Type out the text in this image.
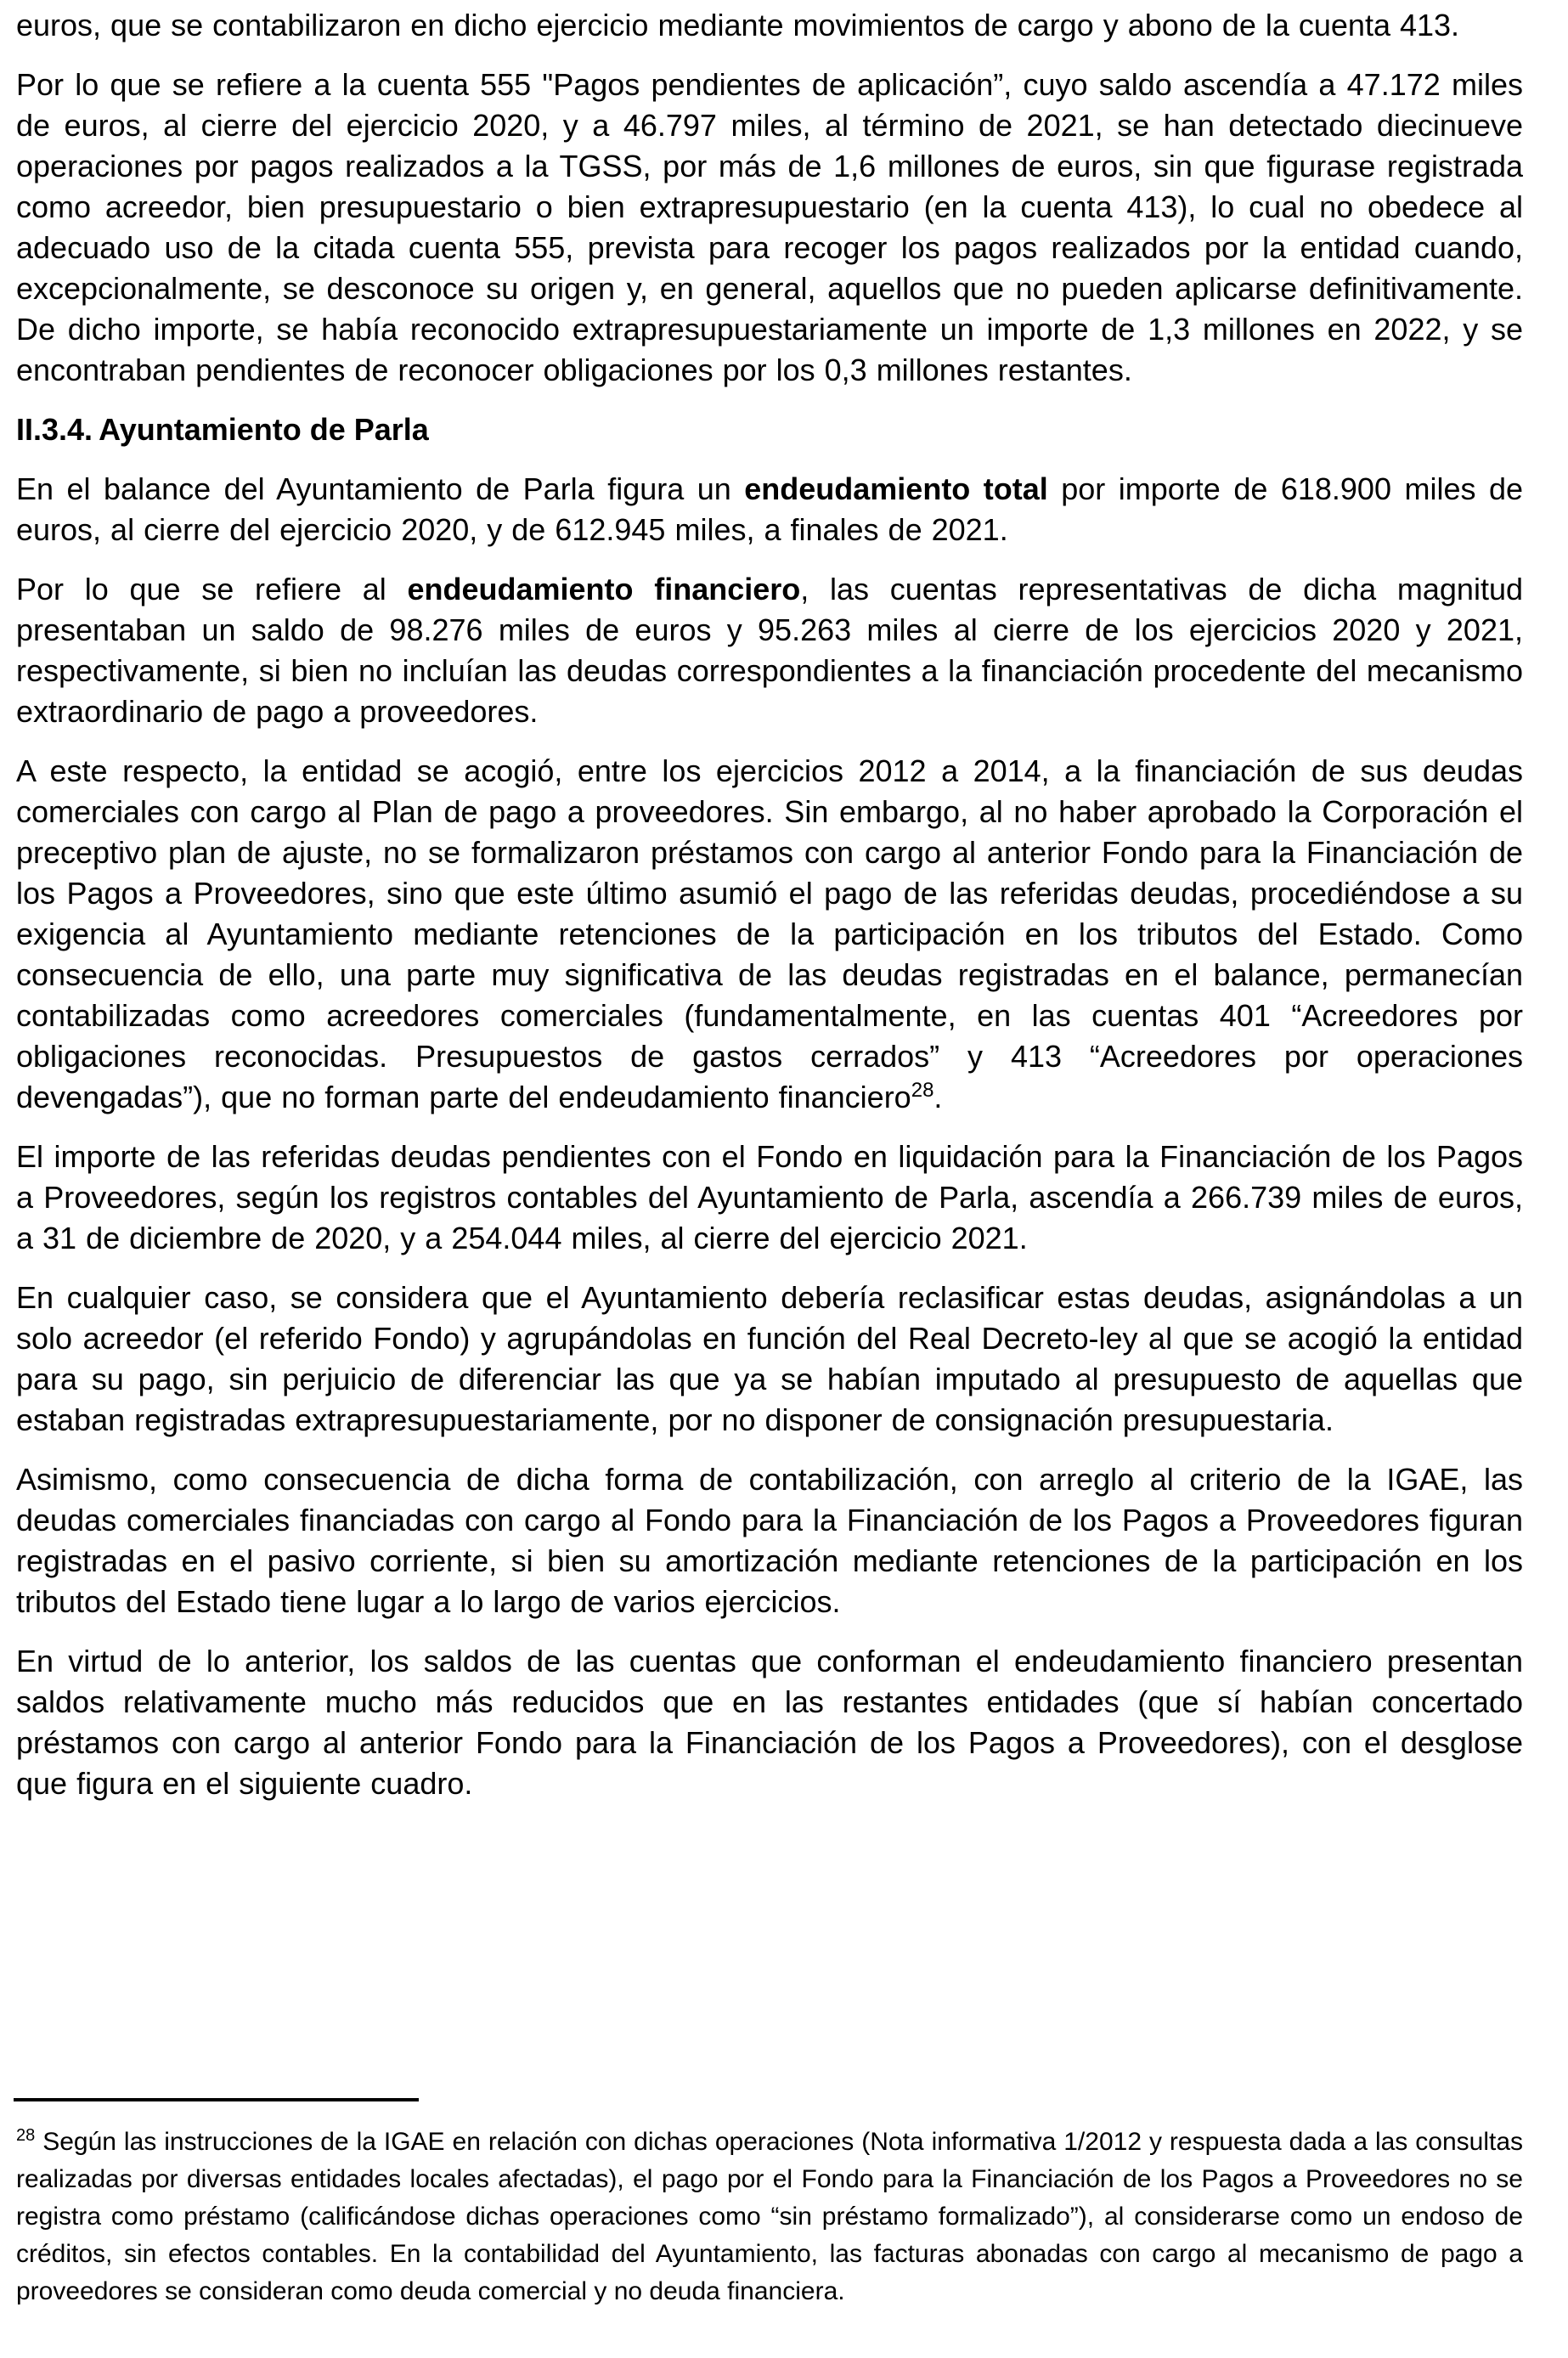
euros, que se contabilizaron en dicho ejercicio mediante movimientos de cargo y abono de la cuenta 413.

Por lo que se refiere a la cuenta 555 "Pagos pendientes de aplicación”, cuyo saldo ascendía a 47.172 miles de euros, al cierre del ejercicio 2020, y a 46.797 miles, al término de 2021, se han detectado diecinueve operaciones por pagos realizados a la TGSS, por más de 1,6 millones de euros, sin que figurase registrada como acreedor, bien presupuestario o bien extrapresupuestario (en la cuenta 413), lo cual no obedece al adecuado uso de la citada cuenta 555, prevista para recoger los pagos realizados por la entidad cuando, excepcionalmente, se desconoce su origen y, en general, aquellos que no pueden aplicarse definitivamente. De dicho importe, se había reconocido extrapresupuestariamente un importe de 1,3 millones en 2022, y se encontraban pendientes de reconocer obligaciones por los 0,3 millones restantes.

II.3.4. Ayuntamiento de Parla

En el balance del Ayuntamiento de Parla figura un endeudamiento total por importe de 618.900 miles de euros, al cierre del ejercicio 2020, y de 612.945 miles, a finales de 2021.

Por lo que se refiere al endeudamiento financiero, las cuentas representativas de dicha magnitud presentaban un saldo de 98.276 miles de euros y 95.263 miles al cierre de los ejercicios 2020 y 2021, respectivamente, si bien no incluían las deudas correspondientes a la financiación procedente del mecanismo extraordinario de pago a proveedores.

A este respecto, la entidad se acogió, entre los ejercicios 2012 a 2014, a la financiación de sus deudas comerciales con cargo al Plan de pago a proveedores. Sin embargo, al no haber aprobado la Corporación el preceptivo plan de ajuste, no se formalizaron préstamos con cargo al anterior Fondo para la Financiación de los Pagos a Proveedores, sino que este último asumió el pago de las referidas deudas, procediéndose a su exigencia al Ayuntamiento mediante retenciones de la participación en los tributos del Estado. Como consecuencia de ello, una parte muy significativa de las deudas registradas en el balance, permanecían contabilizadas como acreedores comerciales (fundamentalmente, en las cuentas 401 “Acreedores por obligaciones reconocidas. Presupuestos de gastos cerrados” y 413 “Acreedores por operaciones devengadas”), que no forman parte del endeudamiento financiero$^{28}$.

El importe de las referidas deudas pendientes con el Fondo en liquidación para la Financiación de los Pagos a Proveedores, según los registros contables del Ayuntamiento de Parla, ascendía a 266.739 miles de euros, a 31 de diciembre de 2020, y a 254.044 miles, al cierre del ejercicio 2021.

En cualquier caso, se considera que el Ayuntamiento debería reclasificar estas deudas, asignándolas a un solo acreedor (el referido Fondo) y agrupándolas en función del Real Decreto-ley al que se acogió la entidad para su pago, sin perjuicio de diferenciar las que ya se habían imputado al presupuesto de aquellas que estaban registradas extrapresupuestariamente, por no disponer de consignación presupuestaria.

Asimismo, como consecuencia de dicha forma de contabilización, con arreglo al criterio de la IGAE, las deudas comerciales financiadas con cargo al Fondo para la Financiación de los Pagos a Proveedores figuran registradas en el pasivo corriente, si bien su amortización mediante retenciones de la participación en los tributos del Estado tiene lugar a lo largo de varios ejercicios.

En virtud de lo anterior, los saldos de las cuentas que conforman el endeudamiento financiero presentan saldos relativamente mucho más reducidos que en las restantes entidades (que sí habían concertado préstamos con cargo al anterior Fondo para la Financiación de los Pagos a Proveedores), con el desglose que figura en el siguiente cuadro.

$^{28}$ Según las instrucciones de la IGAE en relación con dichas operaciones (Nota informativa 1/2012 y respuesta dada a las consultas realizadas por diversas entidades locales afectadas), el pago por el Fondo para la Financiación de los Pagos a Proveedores no se registra como préstamo (calificándose dichas operaciones como “sin préstamo formalizado”), al considerarse como un endoso de créditos, sin efectos contables. En la contabilidad del Ayuntamiento, las facturas abonadas con cargo al mecanismo de pago a proveedores se consideran como deuda comercial y no deuda financiera.
